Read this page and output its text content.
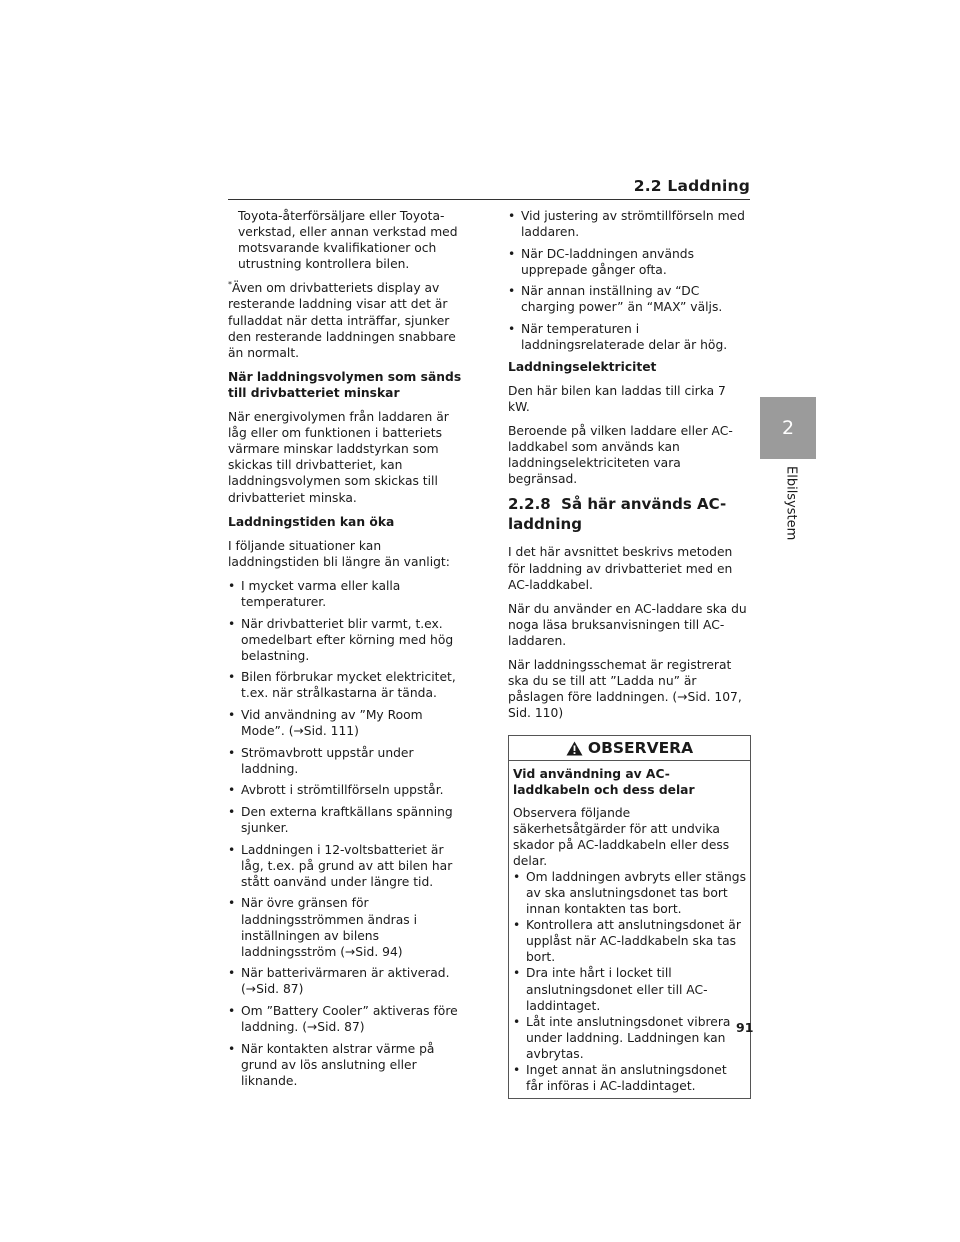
2.2 Laddning
2
Elbilsystem

Toyota-återförsäljare eller Toyota-verkstad, eller annan verkstad med motsvarande kvalifikationer och utrustning kontrollera bilen.

*Även om drivbatteriets display av resterande laddning visar att det är fulladdat när detta inträffar, sjunker den resterande laddningen snabbare än normalt.

När laddningsvolymen som sänds till drivbatteriet minskar

När energivolymen från laddaren är låg eller om funktionen i batteriets värmare minskar laddstyrkan som skickas till drivbatteriet, kan laddningsvolymen som skickas till drivbatteriet minska.

Laddningstiden kan öka

I följande situationer kan laddningstiden bli längre än vanligt:

• I mycket varma eller kalla temperaturer.
• När drivbatteriet blir varmt, t.ex. omedelbart efter körning med hög belastning.
• Bilen förbrukar mycket elektricitet, t.ex. när strålkastarna är tända.
• Vid användning av ”My Room Mode”. (→Sid. 111)
• Strömavbrott uppstår under laddning.
• Avbrott i strömtillförseln uppstår.
• Den externa kraftkällans spänning sjunker.
• Laddningen i 12-voltsbatteriet är låg, t.ex. på grund av att bilen har stått oanvänd under längre tid.
• När övre gränsen för laddningsströmmen ändras i inställningen av bilens laddningsström (→Sid. 94)
• När batterivärmaren är aktiverad. (→Sid. 87)
• Om ”Battery Cooler” aktiveras före laddning. (→Sid. 87)
• När kontakten alstrar värme på grund av lös anslutning eller liknande.
• Vid justering av strömtillförseln med laddaren.
• När DC-laddningen används upprepade gånger ofta.
• När annan inställning av “DC charging power” än “MAX” väljs.
• När temperaturen i laddningsrelaterade delar är hög.

Laddningselektricitet

Den här bilen kan laddas till cirka 7 kW.

Beroende på vilken laddare eller AC-laddkabel som används kan laddningselektriciteten vara begränsad.

2.2.8 Så här används AC-laddning

I det här avsnittet beskrivs metoden för laddning av drivbatteriet med en AC-laddkabel.

När du använder en AC-laddare ska du noga läsa bruksanvisningen till AC-laddaren.

När laddningsschemat är registrerat ska du se till att ”Ladda nu” är påslagen före laddningen. (→Sid. 107, Sid. 110)

OBSERVERA

Vid användning av AC-laddkabeln och dess delar

Observera följande säkerhetsåtgärder för att undvika skador på AC-laddkabeln eller dess delar.

• Om laddningen avbryts eller stängs av ska anslutningsdonet tas bort innan kontakten tas bort.
• Kontrollera att anslutningsdonet är upplåst när AC-laddkabeln ska tas bort.
• Dra inte hårt i locket till anslutningsdonet eller till AC-laddintaget.
• Låt inte anslutningsdonet vibrera under laddning. Laddningen kan avbrytas.
• Inget annat än anslutningsdonet får införas i AC-laddintaget.
91
